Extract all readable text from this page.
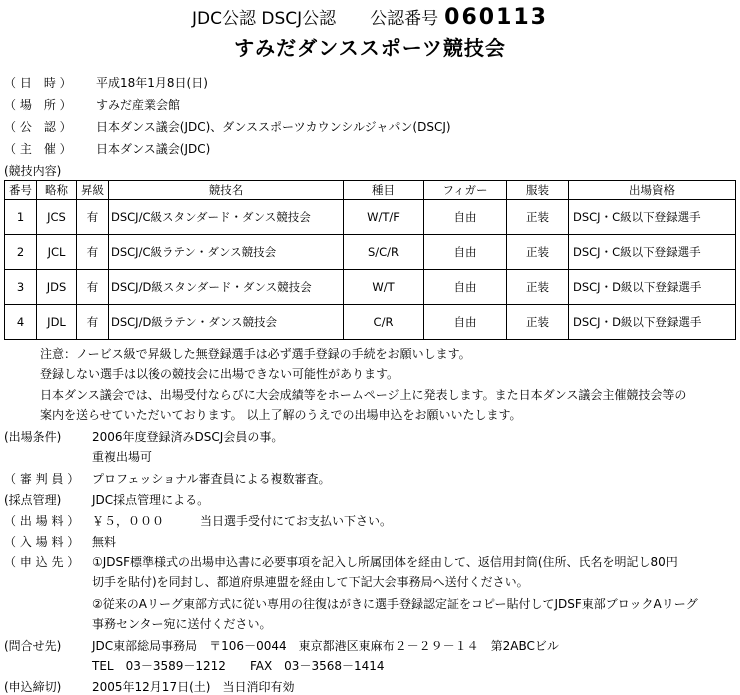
JDC公認 DSCJ公認　　公認番号 060113
すみだダンススポーツ競技会
（ 日　時 ）	平成18年1月8日(日)
（ 場　所 ）	すみだ産業会館
（ 公　認 ）	日本ダンス議会(JDC)、ダンススポーツカウンシルジャパン(DSCJ)
（ 主　催 ）	日本ダンス議会(JDC)
(競技内容)
番号	略称	昇級	競技名	種目	フィガー	服装	出場資格
1	JCS	有	DSCJ/C級スタンダード・ダンス競技会	W/T/F	自由	正装	DSCJ・C級以下登録選手
2	JCL	有	DSCJ/C級ラテン・ダンス競技会	S/C/R	自由	正装	DSCJ・C級以下登録選手
3	JDS	有	DSCJ/D級スタンダード・ダンス競技会	W/T	自由	正装	DSCJ・D級以下登録選手
4	JDL	有	DSCJ/D級ラテン・ダンス競技会	C/R	自由	正装	DSCJ・D級以下登録選手
注意：ノービス級で昇級した無登録選手は必ず選手登録の手続をお願いします。
登録しない選手は以後の競技会に出場できない可能性があります。
日本ダンス議会では、出場受付ならびに大会成績等をホームページ上に発表します。また日本ダンス議会主催競技会等の
案内を送らせていただいております。 以上了解のうえでの出場申込をお願いいたします。
(出場条件)	2006年度登録済みDSCJ会員の事。
重複出場可
（ 審 判 員 ）	プロフェッショナル審査員による複数審査。
(採点管理)	JDC採点管理による。
（ 出 場 料 ）	￥５，０００　　　当日選手受付にてお支払い下さい。
（ 入 場 料 ）	無料
（ 申 込 先 ）	①JDSF標準様式の出場申込書に必要事項を記入し所属団体を経由して、返信用封筒(住所、氏名を明記し80円
切手を貼付)を同封し、都道府県連盟を経由して下記大会事務局へ送付ください。
②従来のAリーグ東部方式に従い専用の往復はがきに選手登録認定証をコピー貼付してJDSF東部ブロックAリーグ
事務センター宛に送付ください。
(問合せ先)	JDC東部総局事務局　〒106－0044　東京都港区東麻布２－２９－１４　第2ABCビル
TEL　03－3589－1212　　FAX　03－3568－1414
(申込締切)	2005年12月17日(土)　当日消印有効
